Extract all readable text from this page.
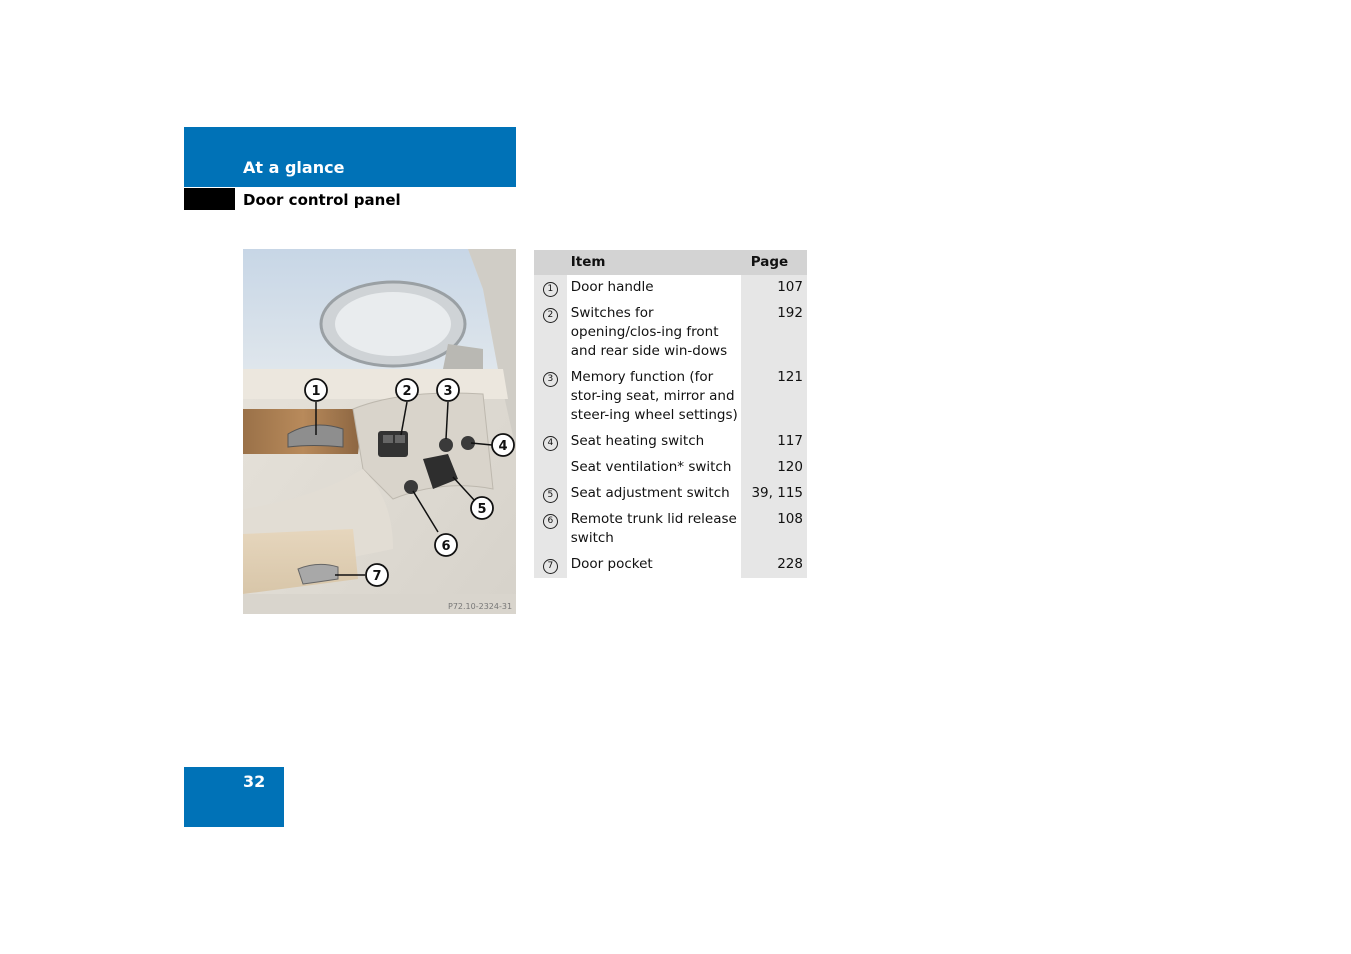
At a glance
Door control panel
1	2 3
4
5
6
7
P72.10-2324-31
	Item	Page
1	Door handle	107
2	Switches for opening/clos-ing front and rear side win-dows	192
3	Memory function (for stor-ing seat, mirror and steer-ing wheel settings)	121
4	Seat heating switch	117
	Seat ventilation* switch	120
5	Seat adjustment switch	39, 115
6	Remote trunk lid release switch	108
7	Door pocket	228
32
